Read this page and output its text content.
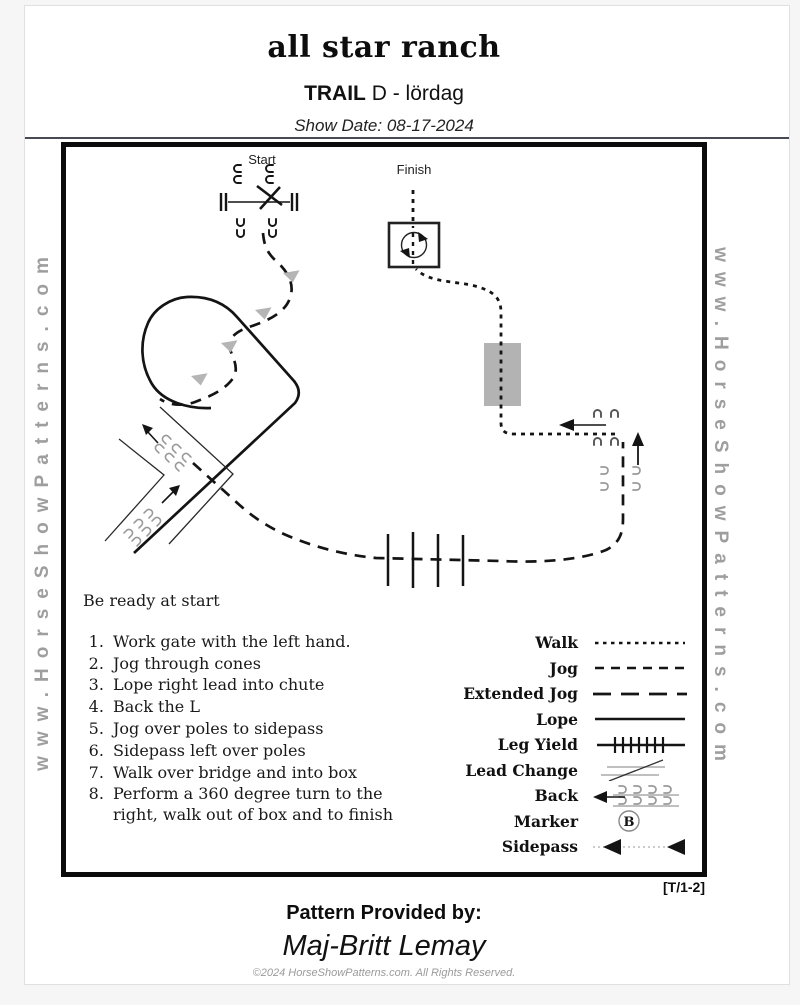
all star ranch
TRAIL D - lördag
Show Date: 08-17-2024
www.HorseShowPatterns.com	www.HorseShowPatterns.com
Start
Finish

Be ready at start

1. Work gate with the left hand.
2. Jog through cones
3. Lope right lead into chute
4. Back the L
5. Jog over poles to sidepass
6. Sidepass left over poles
7. Walk over bridge and into box
8. Perform a 360 degree turn to the right, walk out of box and to finish
Walk
Jog
Extended Jog
Lope
Leg Yield
Lead Change
Back
Marker	B
Sidepass
[T/1-2]
Pattern Provided by:
Maj-Britt Lemay
©2024 HorseShowPatterns.com. All Rights Reserved.
